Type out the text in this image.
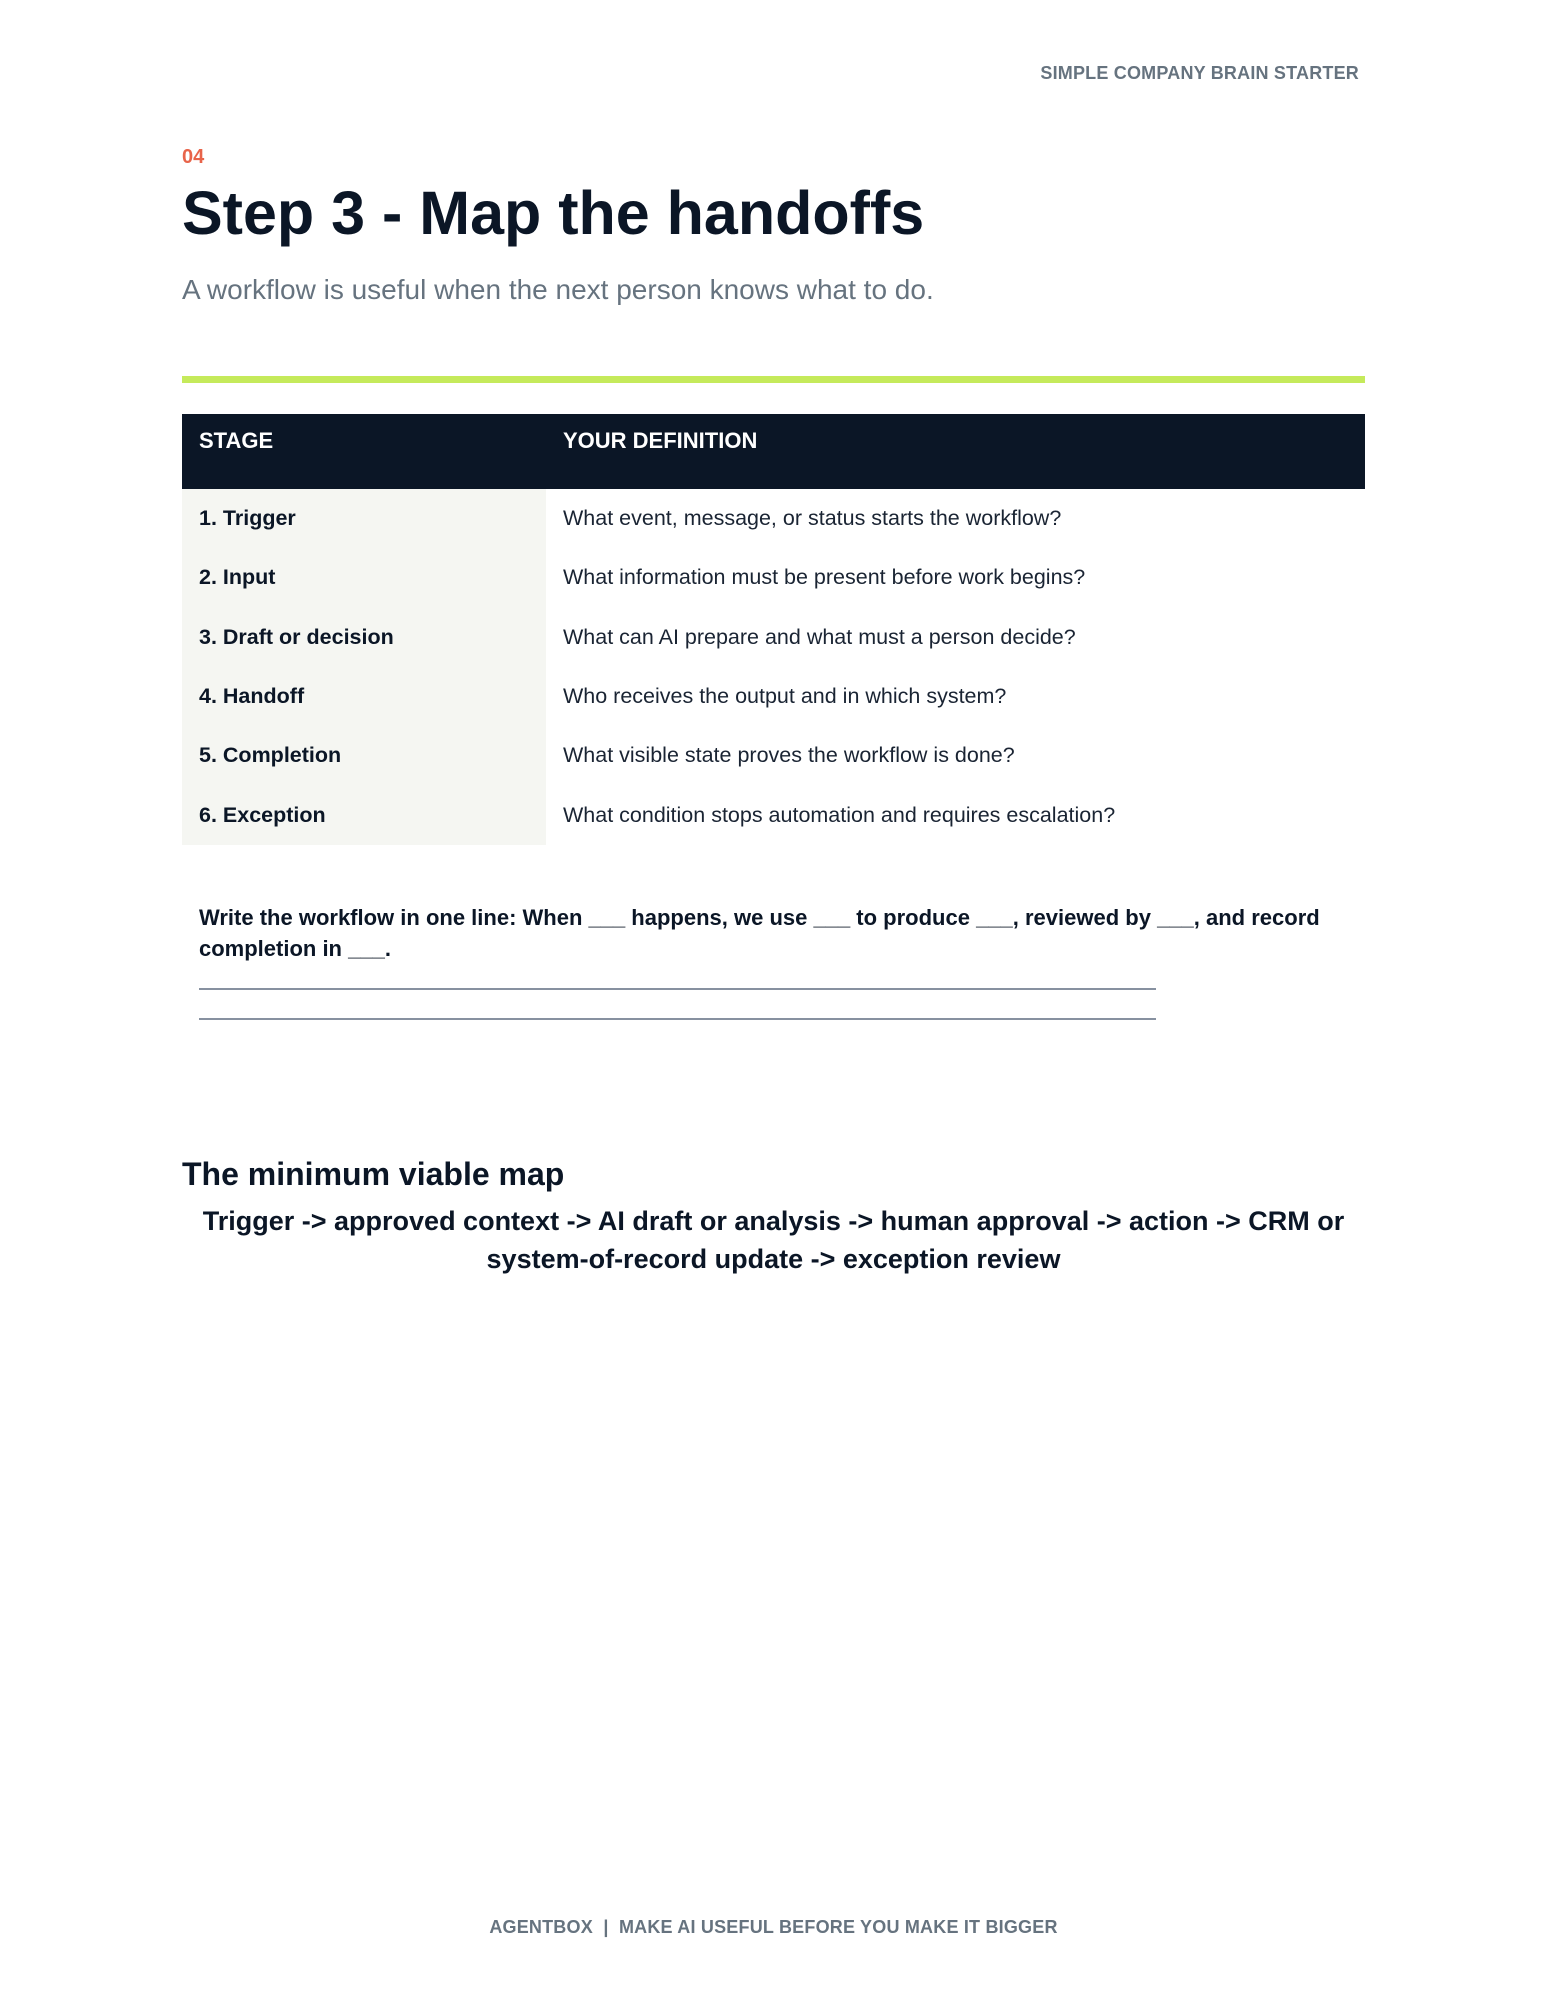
SIMPLE COMPANY BRAIN STARTER
04
Step 3 - Map the handoffs

A workflow is useful when the next person knows what to do.

STAGE	YOUR DEFINITION
1. Trigger	What event, message, or status starts the workflow?
2. Input	What information must be present before work begins?
3. Draft or decision	What can AI prepare and what must a person decide?
4. Handoff	Who receives the output and in which system?
5. Completion	What visible state proves the workflow is done?
6. Exception	What condition stops automation and requires escalation?
Write the workflow in one line: When ___ happens, we use ___ to produce ___, reviewed by ___, and record completion in ___.
The minimum viable map

Trigger -> approved context -> AI draft or analysis -> human approval -> action -> CRM or system-of-record update -> exception review

AGENTBOX  |  MAKE AI USEFUL BEFORE YOU MAKE IT BIGGER
